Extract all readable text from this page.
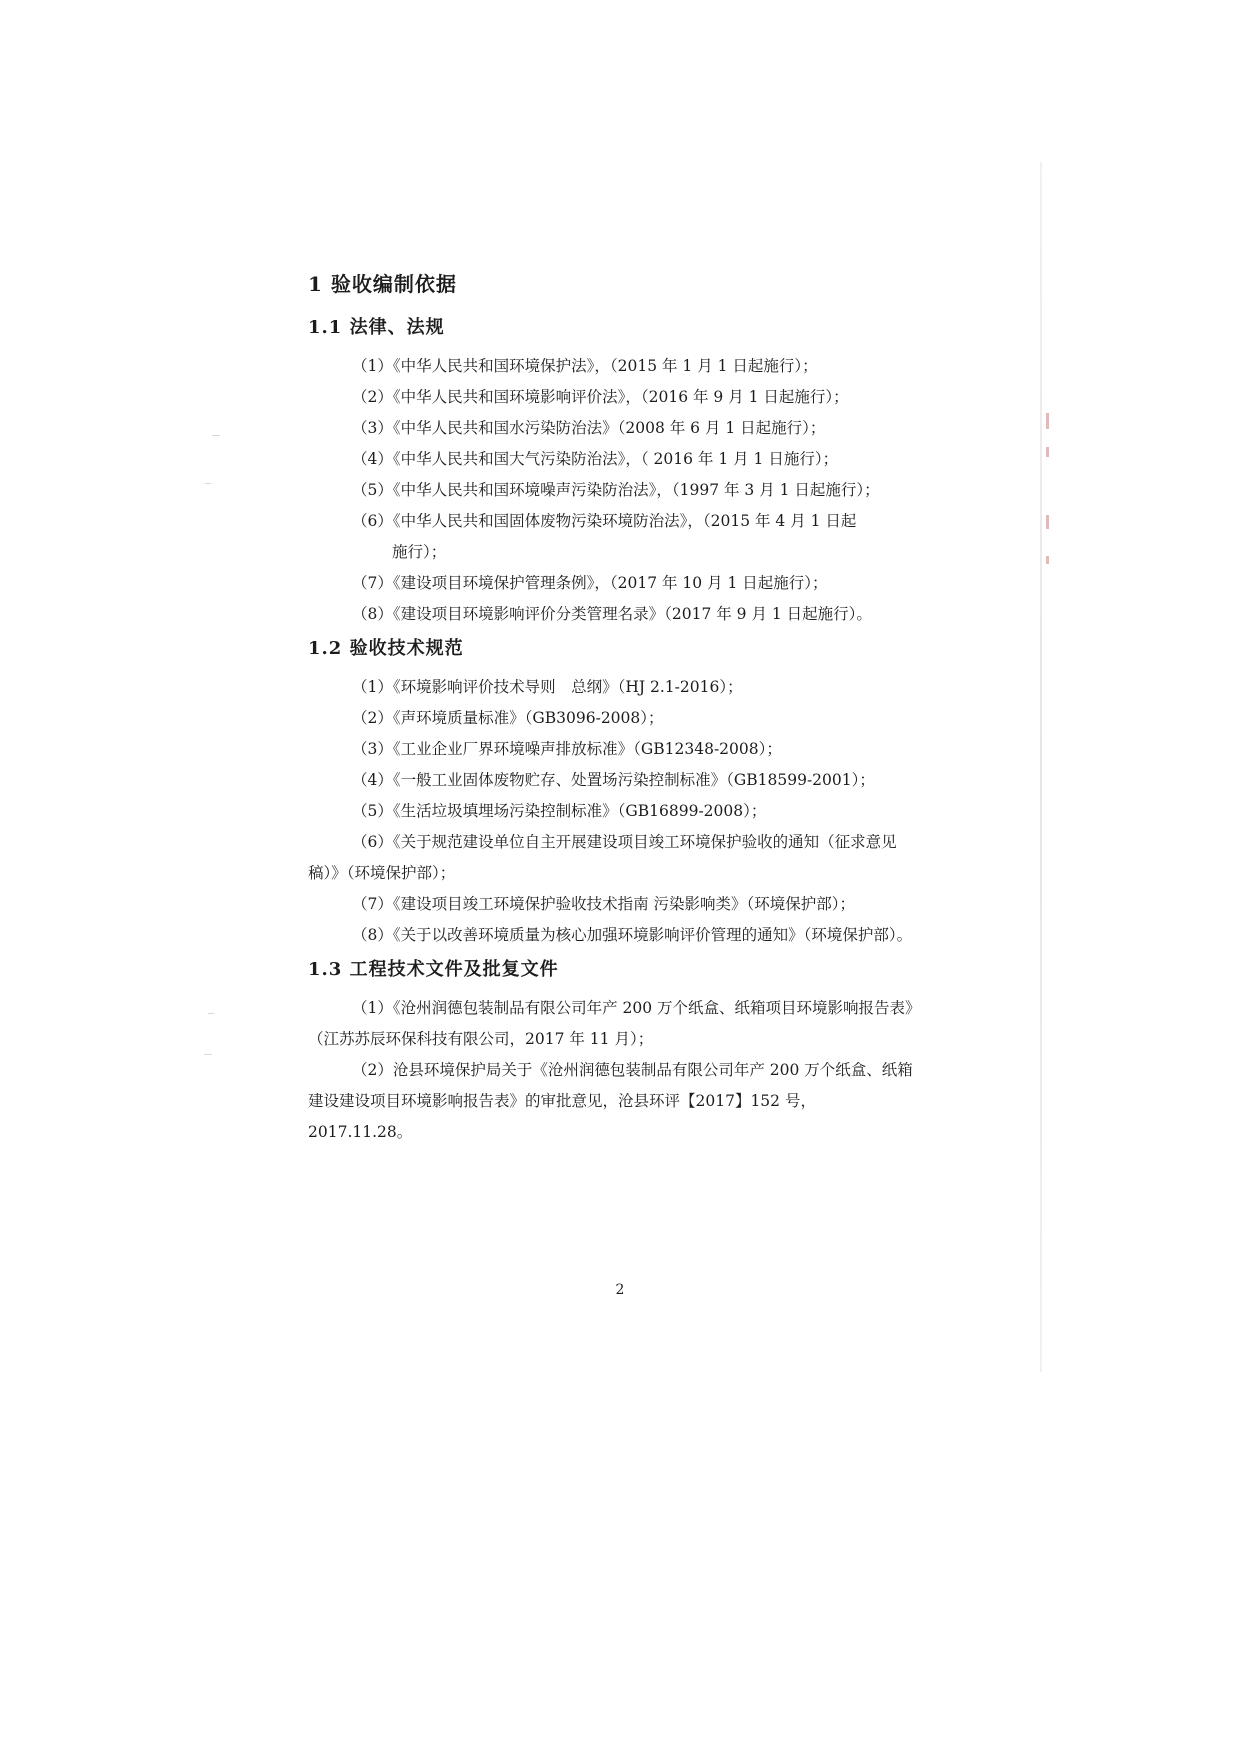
1 验收编制依据
1.1 法律、法规

（1）《中华人民共和国环境保护法》，（2015 年 1 月 1 日起施行）；

（2）《中华人民共和国环境影响评价法》，（2016 年 9 月 1 日起施行）；

（3）《中华人民共和国水污染防治法》（2008 年 6 月 1 日起施行）；

（4）《中华人民共和国大气污染防治法》，（ 2016 年 1 月 1 日施行）；

（5）《中华人民共和国环境噪声污染防治法》，（1997 年 3 月 1 日起施行）；

（6）《中华人民共和国固体废物污染环境防治法》，（2015 年 4 月 1 日起
施行）；

（7）《建设项目环境保护管理条例》，（2017 年 10 月 1 日起施行）；

（8）《建设项目环境影响评价分类管理名录》（2017 年 9 月 1 日起施行）。

1.2 验收技术规范

（1）《环境影响评价技术导则　总纲》（HJ 2.1-2016）；

（2）《声环境质量标准》（GB3096-2008）；

（3）《工业企业厂界环境噪声排放标准》（GB12348-2008）；

（4）《一般工业固体废物贮存、处置场污染控制标准》（GB18599-2001）；

（5）《生活垃圾填埋场污染控制标准》（GB16899-2008）；

（6）《关于规范建设单位自主开展建设项目竣工环境保护验收的通知（征求意见稿）》（环境保护部）；

（7）《建设项目竣工环境保护验收技术指南 污染影响类》（环境保护部）；

（8）《关于以改善环境质量为核心加强环境影响评价管理的通知》（环境保护部）。

1.3 工程技术文件及批复文件

（1）《沧州润德包装制品有限公司年产 200 万个纸盒、纸箱项目环境影响报告表》（江苏苏辰环保科技有限公司，2017 年 11 月）；

（2）沧县环境保护局关于《沧州润德包装制品有限公司年产 200 万个纸盒、纸箱建设建设项目环境影响报告表》的审批意见，沧县环评【2017】152 号，2017.11.28。

2
